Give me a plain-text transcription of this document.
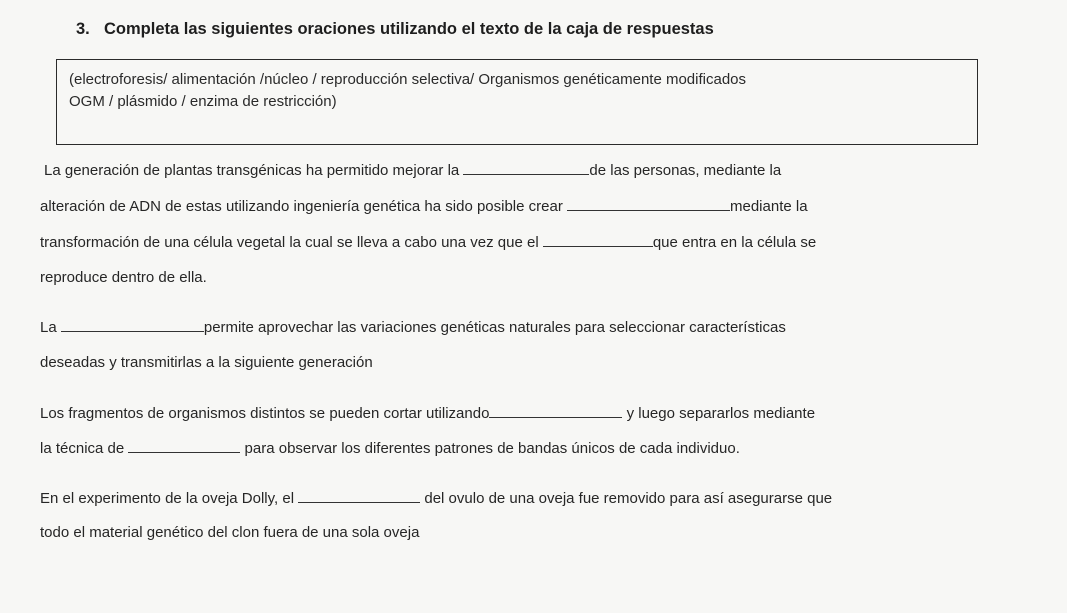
3. Completa las siguientes oraciones utilizando el texto de la caja de respuestas
(electroforesis/ alimentación /núcleo / reproducción selectiva/ Organismos genéticamente modificados
OGM / plásmido / enzima de restricción)
La generación de plantas transgénicas ha permitido mejorar la	de las personas, mediante la
alteración de ADN de estas utilizando ingeniería genética ha sido posible crear	mediante la
transformación de una célula vegetal la cual se lleva a cabo una vez que el	que entra en la célula se
reproduce dentro de ella.
La	permite aprovechar las variaciones genéticas naturales para seleccionar características
deseadas y transmitirlas a la siguiente generación
Los fragmentos de organismos distintos se pueden cortar utilizando	y luego separarlos mediante
la técnica de	para observar los diferentes patrones de bandas únicos de cada individuo.
En el experimento de la oveja Dolly, el	del ovulo de una oveja fue removido para así asegurarse que
todo el material genético del clon fuera de una sola oveja
